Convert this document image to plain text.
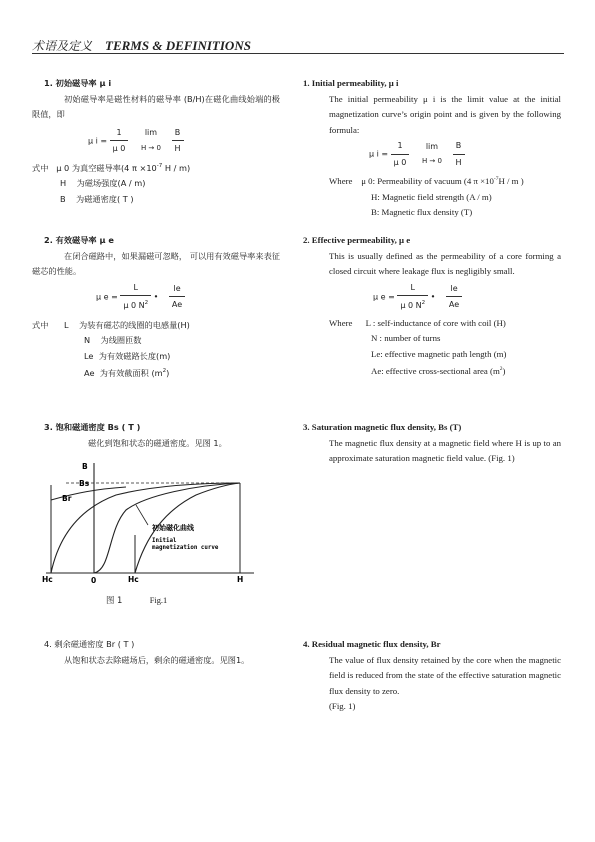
术语及定义 TERMS & DEFINITIONS
1. 初始磁导率 μ i
初始磁导率是磁性材料的磁导率 (B/H)在磁化曲线始端的极限值，即
μ $i = \frac{1}{\mu 0}$
	lim
H → 0
$\frac{B}{H}$
式中 μ 0 为真空磁导率(4 $\pi \times 10^{-7}$ H / m)
H 为磁场强度(A / m)
B 为磁通密度( T )
2. 有效磁导率 μ e
在闭合磁路中，如果漏磁可忽略， 可以用有效磁导率来表征磁芯的性能。
μ $e = \frac{L}{\mu 0 N^2}$ • $\frac{le}{Ae}$
式中 L 为装有磁芯的线圈的电感量(H)
N 为线圈匝数
Le 为有效磁路长度(m)
Ae 为有效截面积 $(m^2)$
3. 饱和磁通密度 Bs ( T )
磁化到饱和状态的磁通密度。见图 1。
B
Bs
Br
Hc	0	Hc	H
初始磁化曲线
Initial
magnetization curve
图 1	Fig.1
4. 剩余磁通密度 Br ( T )
从饱和状态去除磁场后，剩余的磁通密度。见图1。
1. Initial permeability, μ i
The initial permeability μ i is the limit value at the initial magnetization curve’s origin point and is given by the following formula:
μ $i = \frac{1}{\mu 0}$
	lim
H → 0
$\frac{B}{H}$
Where μ 0: Permeability of vacuum (4 $\pi \times 10^{-7}H / m$ )
H: Magnetic field strength (A / m)
B: Magnetic flux density (T)
2. Effective permeability, μ e
This is usually defined as the permeability of a core forming a closed circuit where leakage flux is negligibly small.
μ $e = \frac{L}{\mu 0 N^2}$ • $\frac{le}{Ae}$
Where L : self-inductance of core with coil (H)
N : number of turns
Le: effective magnetic path length (m)
Ae: effective cross-sectional area $(m^2)$
3. Saturation magnetic flux density, Bs (T)
The magnetic flux density at a magnetic field where H is up to an approximate saturation magnetic field value. (Fig. 1)
4. Residual magnetic flux density, Br
The value of flux density retained by the core when the magnetic field is reduced from the state of the effective saturation magnetic flux density to zero.
(Fig. 1)
